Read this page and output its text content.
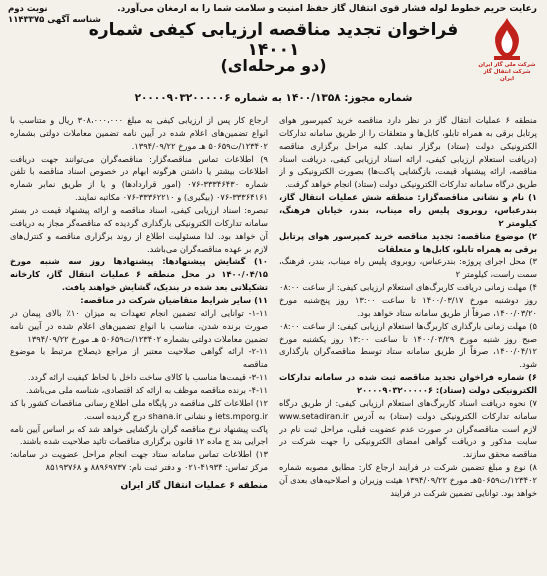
رعایت حریم خطوط لوله فشار قوی انتقال گاز حفظ امنیت و سلامت شما را به ارمغان می‌آورد.
نوبت دوم
شناسه آگهی ۱۱۴۳۳۷۵
شرکت ملی گاز ایران
شرکت انتقال گاز ایران
فراخوان تجدید مناقصه ارزیابی کیفی شماره ۱۴۰۰۱
(دو مرحله‌ای)
شماره مجوز: ۱۴۰۰/۱۳۵۸ به شماره ۲۰۰۰۰۹۰۳۲۰۰۰۰۰۶

منطقه ۶ عملیات انتقال گاز در نظر دارد مناقصه خرید کمپرسور هوای پرتابل برقی به همراه تابلو، کابل‌ها و متعلقات را از طریق سامانه تدارکات الکترونیکی دولت (ستاد) برگزار نماید. کلیه مراحل برگزاری مناقصه (دریافت استعلام ارزیابی کیفی، ارائه اسناد ارزیابی کیفی، دریافت اسناد مناقصه، ارائه پیشنهاد قیمت، بازگشایی پاکت‌ها) بصورت الکترونیکی و از طریق درگاه سامانه تدارکات الکترونیکی دولت (ستاد) انجام خواهد گرفت.

۱) نام و نشانی مناقصه‌گزار: منطقه شش عملیات انتقال گاز، بندرعباس، روبروی پلیس راه میناب، بندر، خیابان فرهنگ، کیلومتر ۲

۲) موضوع مناقصه: تجدید مناقصه خرید کمپرسور هوای پرتابل برقی به همراه تابلو، کابل‌ها و متعلقات

۳) محل اجرای پروژه: بندرعباس، روبروی پلیس راه میناب، بندر، فرهنگ، سمت راست، کیلومتر ۲

۴) مهلت زمانی دریافت کاربرگ‌های استعلام ارزیابی کیفی: از ساعت ۰۸:۰۰ روز دوشنبه مورخ ۱۴۰۰/۰۳/۱۷ تا ساعت ۱۳:۰۰ روز پنج‌شنبه مورخ ۱۴۰۰/۰۳/۲۰، صرفاً از طریق سامانه ستاد خواهد بود.

۵) مهلت زمانی بارگذاری کاربرگ‌ها استعلام ارزیابی کیفی: از ساعت ۰۸:۰۰ صبح روز شنبه مورخ ۱۴۰۰/۰۳/۲۹ تا ساعت ۱۳:۰۰ روز یکشنبه مورخ ۱۴۰۰/۰۴/۱۲، صرفاً از طریق سامانه ستاد توسط مناقصه‌گران بارگذاری شود.

۶) شماره فراخوان تجدید مناقصه ثبت شده در سامانه تدارکات الکترونیکی دولت (ستاد): ۲۰۰۰۰۹۰۳۲۰۰۰۰۰۶

۷) نحوه دریافت اسناد کاربرگ‌های استعلام ارزیابی کیفی: از طریق درگاه سامانه تدارکات الکترونیکی دولت (ستاد) به آدرس www.setadiran.ir لازم است مناقصه‌گران در صورت عدم عضویت قبلی، مراحل ثبت نام در سایت مذکور و دریافت گواهی امضای الکترونیکی را جهت شرکت در مناقصه محقق سازند.

۸) نوع و مبلغ تضمین شرکت در فرایند ارجاع کار: مطابق مصوبه شماره ۱۲۳۴۰۲/ت۵۰۶۵۹هـ مورخ ۱۳۹۴/۰۹/۲۲ هیئت وزیران و اصلاحیه‌های بعدی آن خواهد بود. توانایی تضمین شرکت در فرایند

ارجاع کار پس از ارزیابی کیفی به مبلغ ۳۰۸،۰۰۰،۰۰۰ ریال و متناسب با انواع تضمین‌های اعلام شده در آیین نامه تضمین معاملات دولتی بشماره ۱۲۳۴۰۲/ت۵۰۶۵۹ هـ مورخ ۱۳۹۴/۰۹/۲۲.

۹) اطلاعات تماس مناقصه‌گزار: مناقصه‌گران می‌توانند جهت دریافت اطلاعات بیشتر یا داشتن هرگونه ابهام در خصوص اسناد مناقصه با تلفن شماره ۳۳۳۴۶۴۳۰-۰۷۶ (امور قراردادها) و یا از طریق نمابر شماره ۳۳۳۶۴۱۶۱-۰۷۶ (بیگیری) و ۳۳۳۶۲۲۱۰-۰۷۶ مکاتبه نمایند.

تبصره: اسناد ارزیابی کیفی، اسناد مناقصه و ارائه پیشنهاد قیمت در بستر سامانه تدارکات الکترونیکی بارگذاری گردیده که مناقصه‌گر مجاز به دریافت آن خواهد بود. لذا مسئولیت اطلاع از روند برگزاری مناقصه و کنترل‌های لازم بر عهده مناقصه‌گران می‌باشد.

۱۰) گشایش پیشنهادها: پیشنهادها روز سه شنبه مورخ ۱۴۰۰/۰۴/۱۵ در محل منطقه ۶ عملیات انتقال گاز، کارخانه تشکیلاتی بعد شده در بندیک، گشایش خواهند یافت.

۱۱) سایر شرایط متقاضیان شرکت در مناقصه:

۱-۱۱- توانایی ارائه تضمین انجام تعهدات به میزان ۱۰٪ بالای پیمان در صورت برنده شدن، مناسب با انواع تضمین‌های اعلام شده در آیین نامه تضمین معاملات دولتی بشماره ۱۲۳۴۰۲/ت۵۰۶۵۹ هـ مورخ ۱۳۹۴/۰۹/۲۲

۲-۱۱- ارائه گواهی صلاحیت معتبر از مراجع ذیصلاح مرتبط با موضوع مناقصه

۳-۱۱- قیمت‌ها مناسب با کالای ساخت داخل با لحاظ کیفیت ارائه گردد.

۴-۱۱- برنده مناقصه موظف به ارائه کد اقتصادی، شناسه ملی می‌باشد.

۱۲) اطلاعات کلی مناقصه در پایگاه ملی اطلاع رسانی مناقصات کشور با کد iets.mporg.ir و نشانی shana.ir درج گردیده است.

پاکت پیشنهاد نرخ مناقصه گران بارگشایی خواهد شد که بر اساس آیین نامه اجرایی بند ج ماده ۱۲ قانون برگزاری مناقصات تائید صلاحیت شده باشند.

۱۳) اطلاعات تماس سامانه ستاد جهت انجام مراحل عضویت در سامانه: مرکز تماس: ۴۱۹۳۴-۰۲۱ و دفتر ثبت نام: ۸۸۹۶۹۷۳۷ و ۸۵۱۹۳۷۶۸

منطقه ۶ عملیات انتقال گاز ایران
